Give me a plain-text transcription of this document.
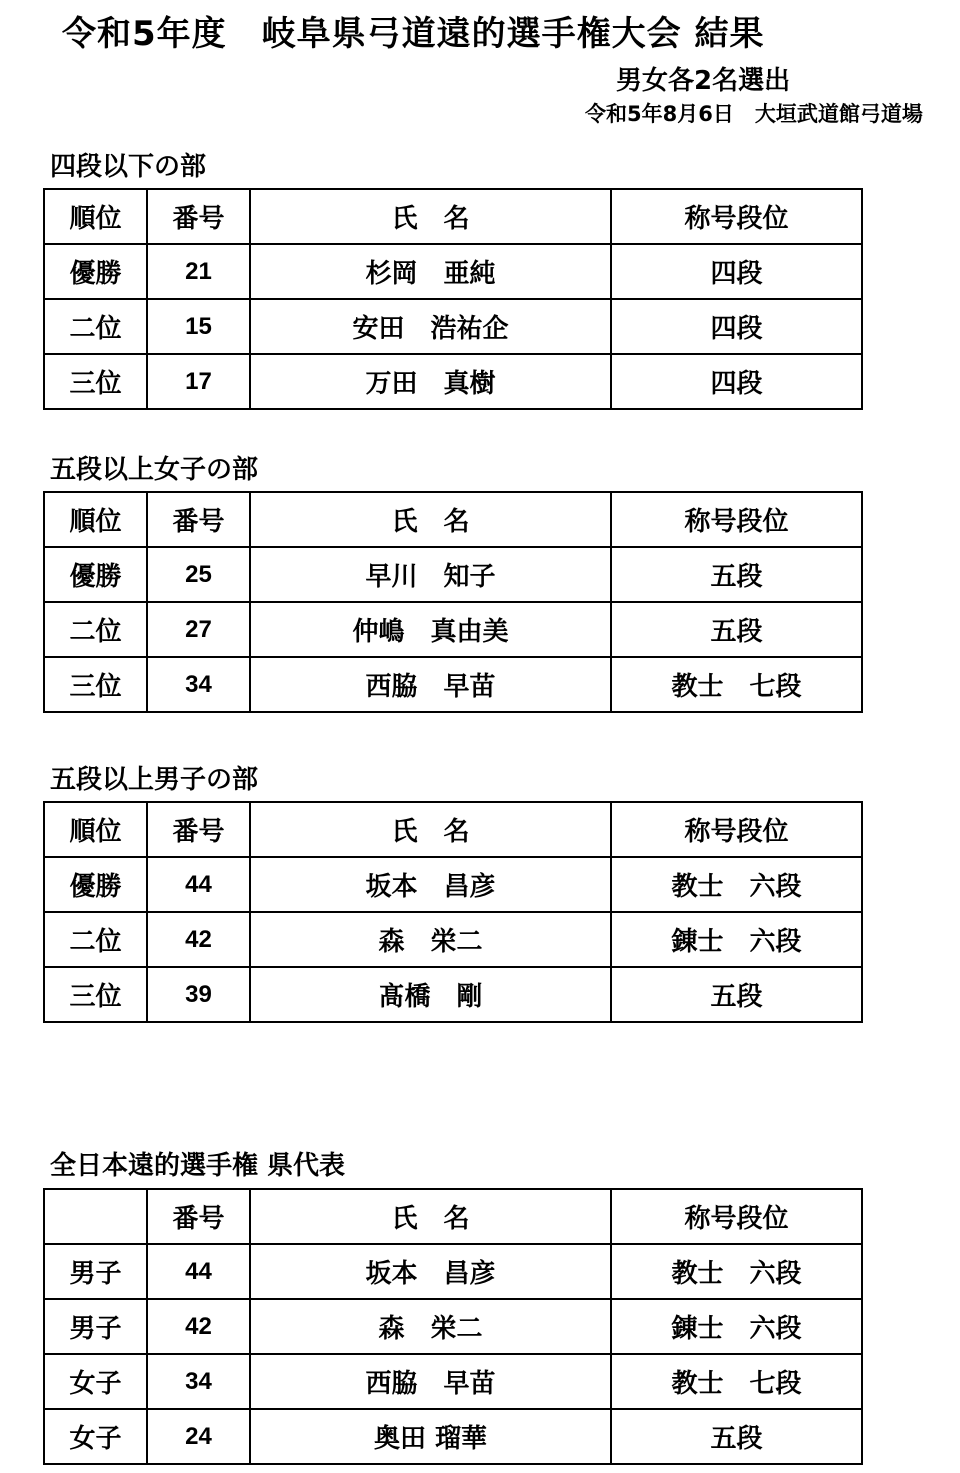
令和5年度　岐阜県弓道遠的選手権大会 結果
男女各2名選出
令和5年8月6日　大垣武道館弓道場
四段以下の部
順位	番号	氏　名	称号段位
優勝	21	杉岡　亜純	四段
二位	15	安田　浩祐企	四段
三位	17	万田　真樹	四段
五段以上女子の部
順位	番号	氏　名	称号段位
優勝	25	早川　知子	五段
二位	27	仲嶋　真由美	五段
三位	34	西脇　早苗	教士　七段
五段以上男子の部
順位	番号	氏　名	称号段位
優勝	44	坂本　昌彦	教士　六段
二位	42	森　栄二	錬士　六段
三位	39	髙橋　剛	五段
全日本遠的選手権 県代表
	番号	氏　名	称号段位
男子	44	坂本　昌彦	教士　六段
男子	42	森　栄二	錬士　六段
女子	34	西脇　早苗	教士　七段
女子	24	奥田 瑠華	五段
